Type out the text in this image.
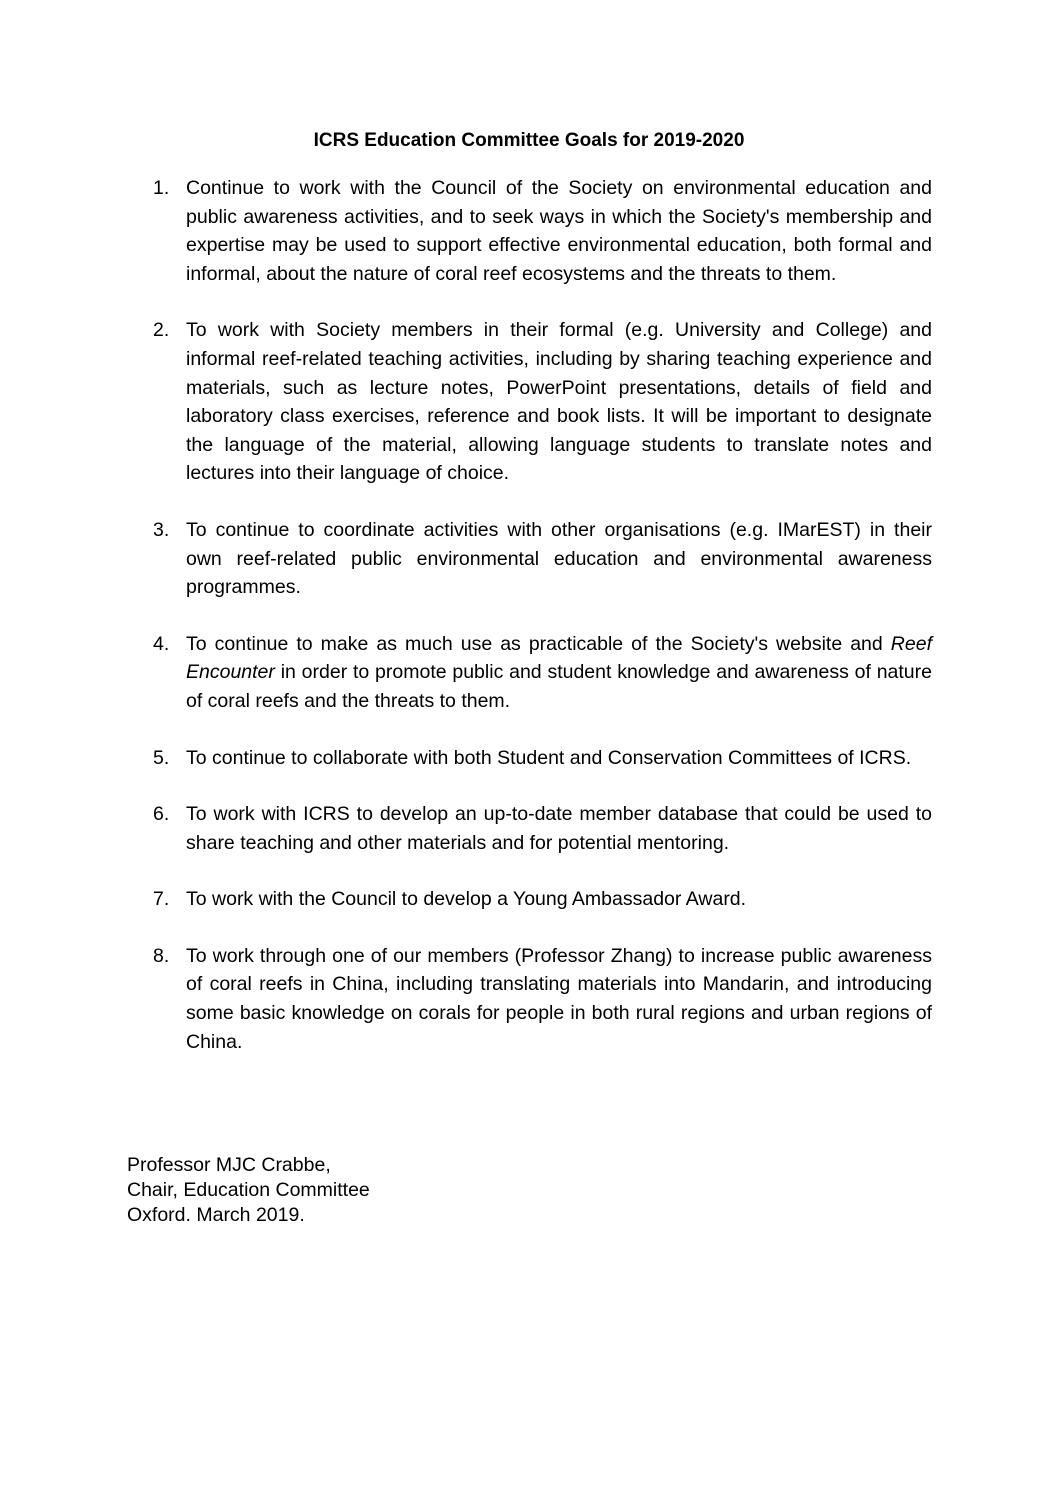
ICRS Education Committee Goals for 2019-2020
1. Continue to work with the Council of the Society on environmental education and public awareness activities, and to seek ways in which the Society's membership and expertise may be used to support effective environmental education, both formal and informal, about the nature of coral reef ecosystems and the threats to them.
2. To work with Society members in their formal (e.g. University and College) and informal reef-related teaching activities, including by sharing teaching experience and materials, such as lecture notes, PowerPoint presentations, details of field and laboratory class exercises, reference and book lists. It will be important to designate the language of the material, allowing language students to translate notes and lectures into their language of choice.
3. To continue to coordinate activities with other organisations (e.g. IMarEST) in their own reef-related public environmental education and environmental awareness programmes.
4. To continue to make as much use as practicable of the Society's website and Reef Encounter in order to promote public and student knowledge and awareness of nature of coral reefs and the threats to them.
5. To continue to collaborate with both Student and Conservation Committees of ICRS.
6. To work with ICRS to develop an up-to-date member database that could be used to share teaching and other materials and for potential mentoring.
7. To work with the Council to develop a Young Ambassador Award.
8. To work through one of our members (Professor Zhang) to increase public awareness of coral reefs in China, including translating materials into Mandarin, and introducing some basic knowledge on corals for people in both rural regions and urban regions of China.
Professor MJC Crabbe,
Chair, Education Committee
Oxford. March 2019.
